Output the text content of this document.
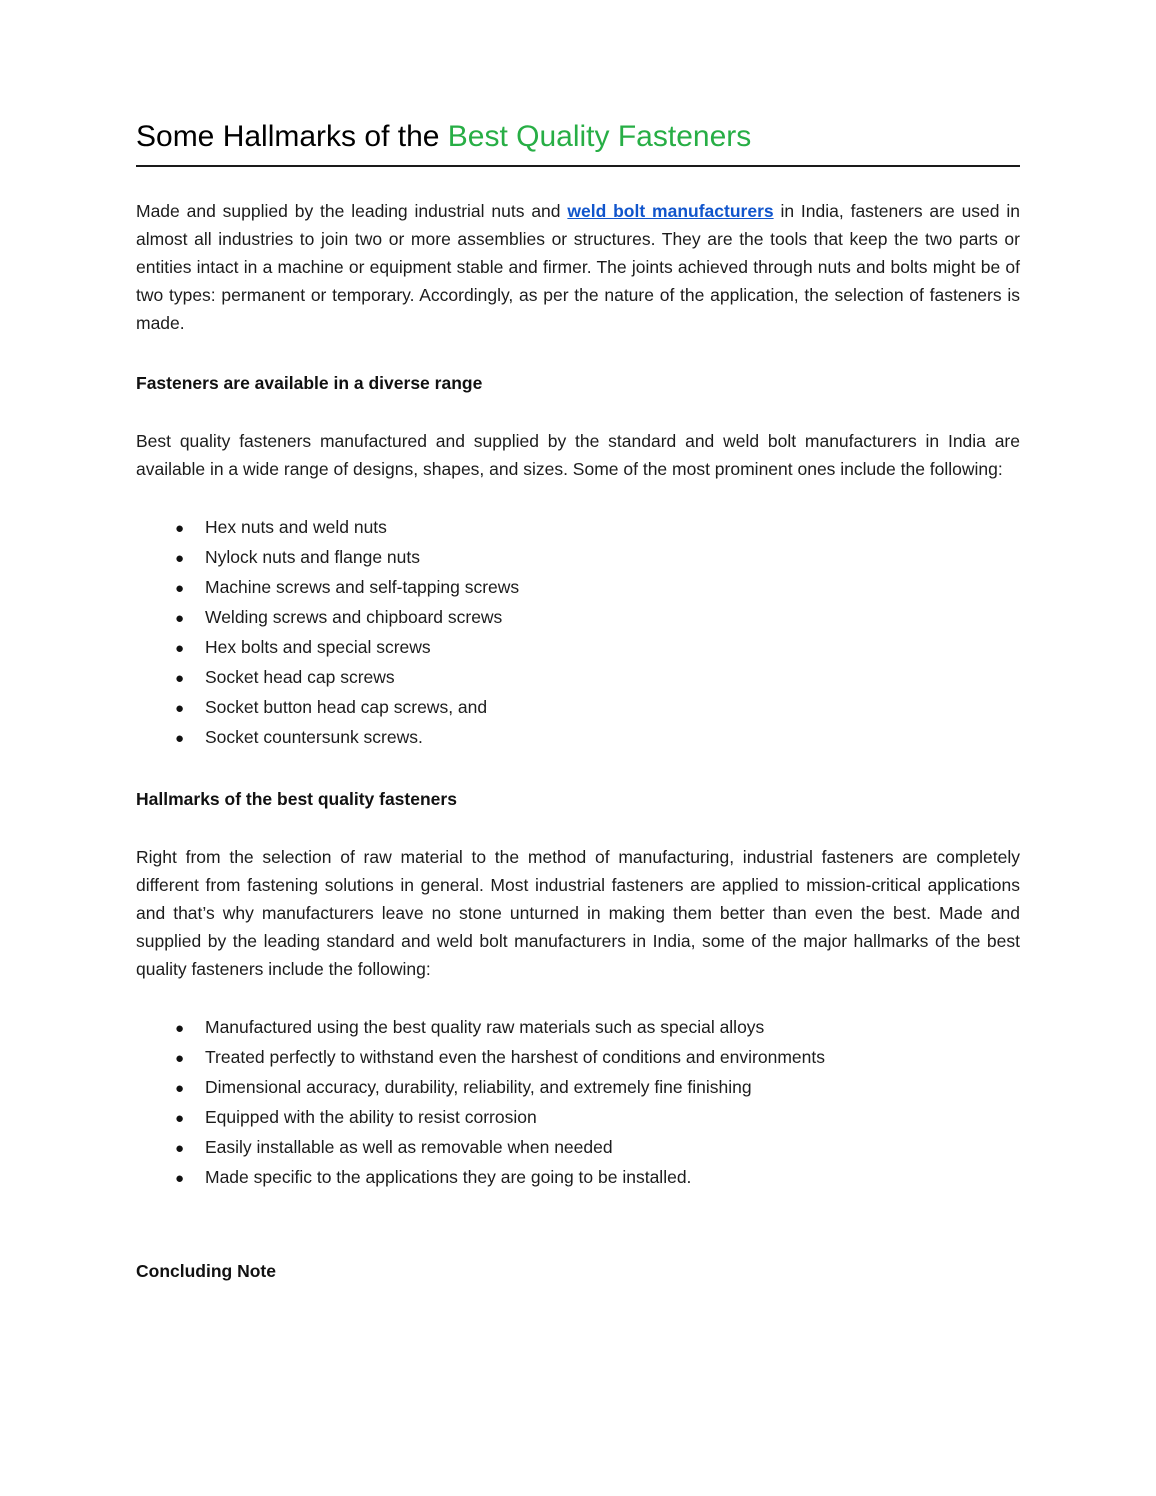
Some Hallmarks of the Best Quality Fasteners

Made and supplied by the leading industrial nuts and weld bolt manufacturers in India, fasteners are used in almost all industries to join two or more assemblies or structures. They are the tools that keep the two parts or entities intact in a machine or equipment stable and firmer. The joints achieved through nuts and bolts might be of two types: permanent or temporary. Accordingly, as per the nature of the application, the selection of fasteners is made.

Fasteners are available in a diverse range

Best quality fasteners manufactured and supplied by the standard and weld bolt manufacturers in India are available in a wide range of designs, shapes, and sizes. Some of the most prominent ones include the following:

●	Hex nuts and weld nuts
●	Nylock nuts and flange nuts
●	Machine screws and self-tapping screws
●	Welding screws and chipboard screws
●	Hex bolts and special screws
●	Socket head cap screws
●	Socket button head cap screws, and
●	Socket countersunk screws.
Hallmarks of the best quality fasteners

Right from the selection of raw material to the method of manufacturing, industrial fasteners are completely different from fastening solutions in general. Most industrial fasteners are applied to mission-critical applications and that’s why manufacturers leave no stone unturned in making them better than even the best. Made and supplied by the leading standard and weld bolt manufacturers in India, some of the major hallmarks of the best quality fasteners include the following:

●	Manufactured using the best quality raw materials such as special alloys
●	Treated perfectly to withstand even the harshest of conditions and environments
●	Dimensional accuracy, durability, reliability, and extremely fine finishing
●	Equipped with the ability to resist corrosion
●	Easily installable as well as removable when needed
●	Made specific to the applications they are going to be installed.
Concluding Note
